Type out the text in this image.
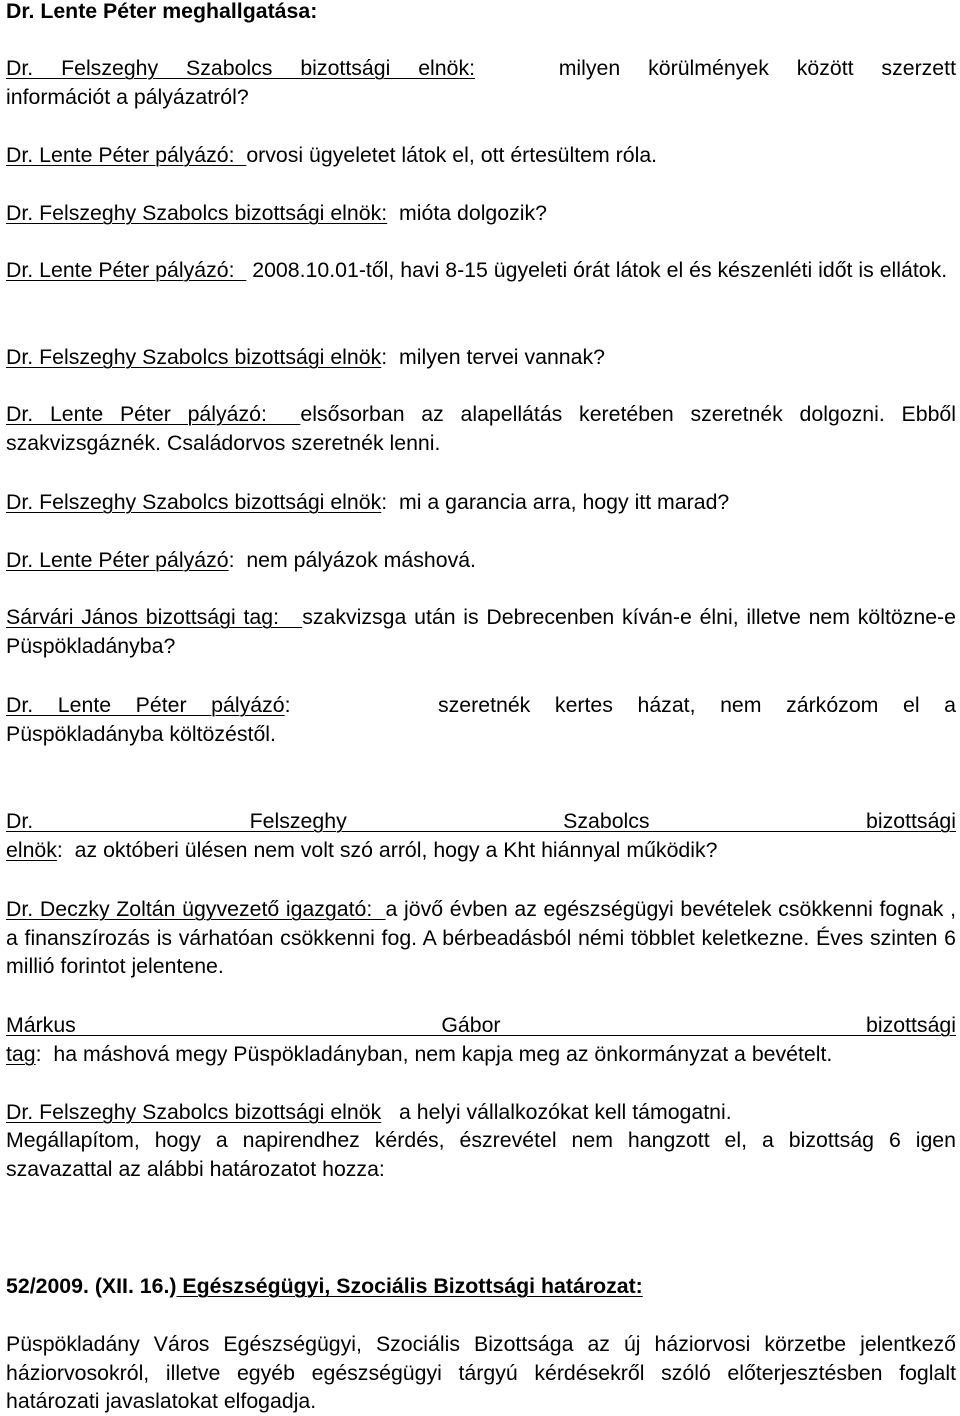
Dr. Lente Péter meghallgatása:

Dr. Felszeghy Szabolcs bizottsági elnök:	milyen körülmények között szerzett
információt a pályázatról?

Dr. Lente Péter pályázó:  orvosi ügyeletet látok el, ott értesültem róla.

Dr. Felszeghy Szabolcs bizottsági elnök:  mióta dolgozik?

Dr. Lente Péter pályázó:   2008.10.01-től, havi 8-15 ügyeleti órát látok el és készenléti időt is ellátok.

Dr. Felszeghy Szabolcs bizottsági elnök:  milyen tervei vannak?

Dr. Lente Péter pályázó:  elsősorban az alapellátás keretében szeretnék dolgozni. Ebből szakvizsgáznék. Családorvos szeretnék lenni.

Dr. Felszeghy Szabolcs bizottsági elnök:  mi a garancia arra, hogy itt marad?

Dr. Lente Péter pályázó:  nem pályázok máshová.

Sárvári János bizottsági tag:   szakvizsga után is Debrecenben kíván-e élni, illetve nem költözne-e Püspökladányba?

Dr. Lente Péter pályázó:      szeretnék kertes házat, nem zárkózom el a
Püspökladányba költözéstől.

Dr. Felszeghy Szabolcs bizottsági elnök:  az októberi ülésen nem volt szó arról, hogy a Kht hiánnyal működik?

Dr. Deczky Zoltán ügyvezető igazgató:  a jövő évben az egészségügyi bevételek csökkenni fognak , a finanszírozás is várhatóan csökkenni fog. A bérbeadásból némi többlet keletkezne. Éves szinten 6 millió forintot jelentene.

Márkus Gábor bizottsági tag:  ha máshová megy Püspökladányban, nem kapja meg az önkormányzat a bevételt.

Dr. Felszeghy Szabolcs bizottsági elnök   a helyi vállalkozókat kell támogatni.

Megállapítom, hogy a napirendhez kérdés, észrevétel nem hangzott el, a bizottság 6 igen szavazattal az alábbi határozatot hozza:

52/2009. (XII. 16.) Egészségügyi, Szociális Bizottsági határozat:

Püspökladány Város Egészségügyi, Szociális Bizottsága az új háziorvosi körzetbe jelentkező háziorvosokról, illetve egyéb egészségügyi tárgyú kérdésekről szóló előterjesztésben foglalt határozati javaslatokat elfogadja.
